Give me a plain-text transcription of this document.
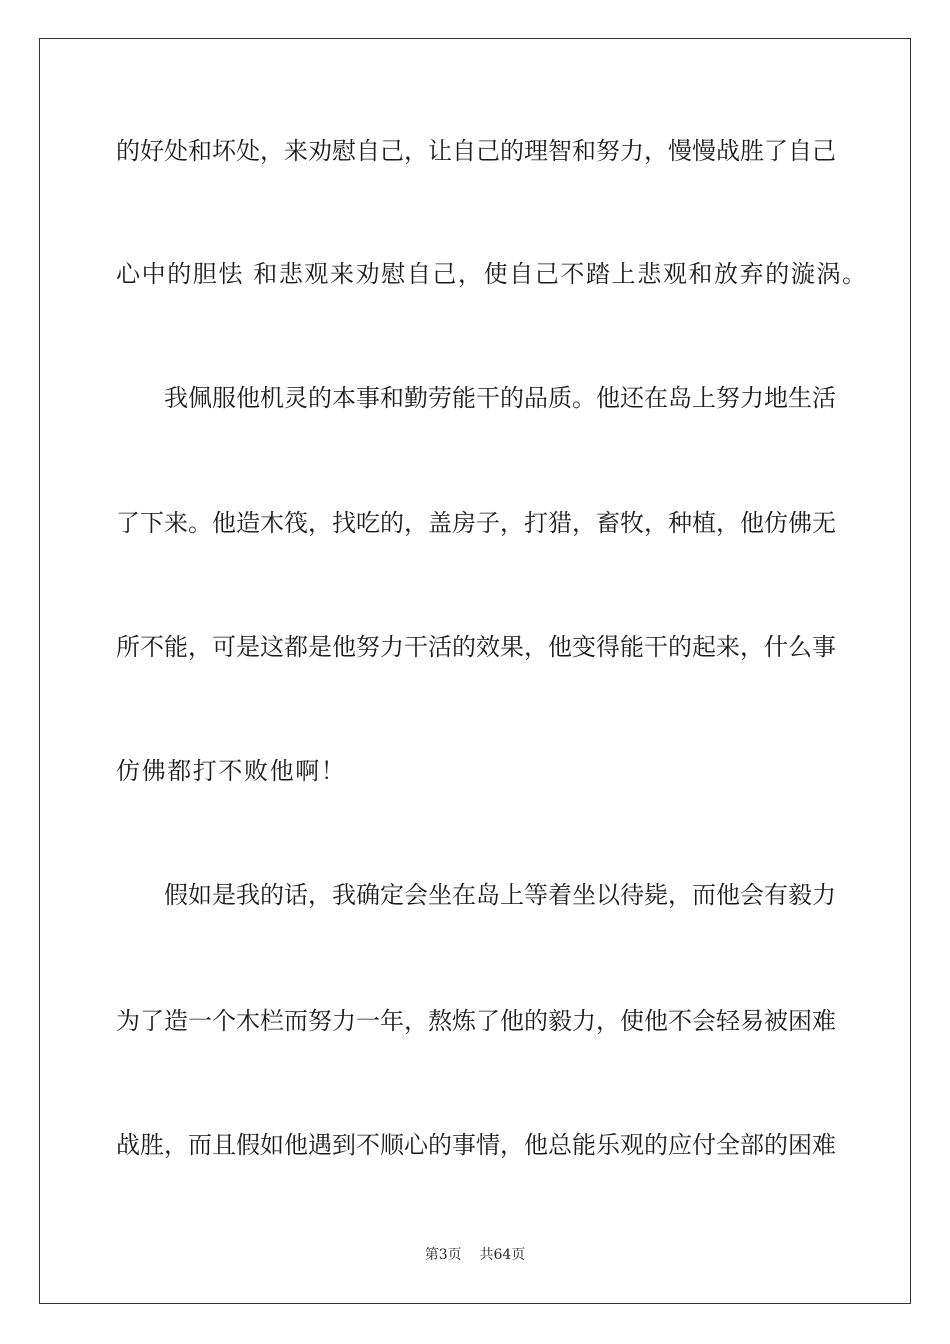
的好处和坏处，来劝慰自己，让自己的理智和努力，慢慢战胜了自己
心中的胆怯 和悲观来劝慰自己，使自己不踏上悲观和放弃的漩涡。
我佩服他机灵的本事和勤劳能干的品质。他还在岛上努力地生活
了下来。他造木筏，找吃的，盖房子，打猎，畜牧，种植，他仿佛无
所不能，可是这都是他努力干活的效果，他变得能干的起来，什么事
仿佛都打不败他啊！
假如是我的话，我确定会坐在岛上等着坐以待毙，而他会有毅力
为了造一个木栏而努力一年，熬炼了他的毅力，使他不会轻易被困难
战胜，而且假如他遇到不顺心的事情，他总能乐观的应付全部的困难
第3页 共64页
